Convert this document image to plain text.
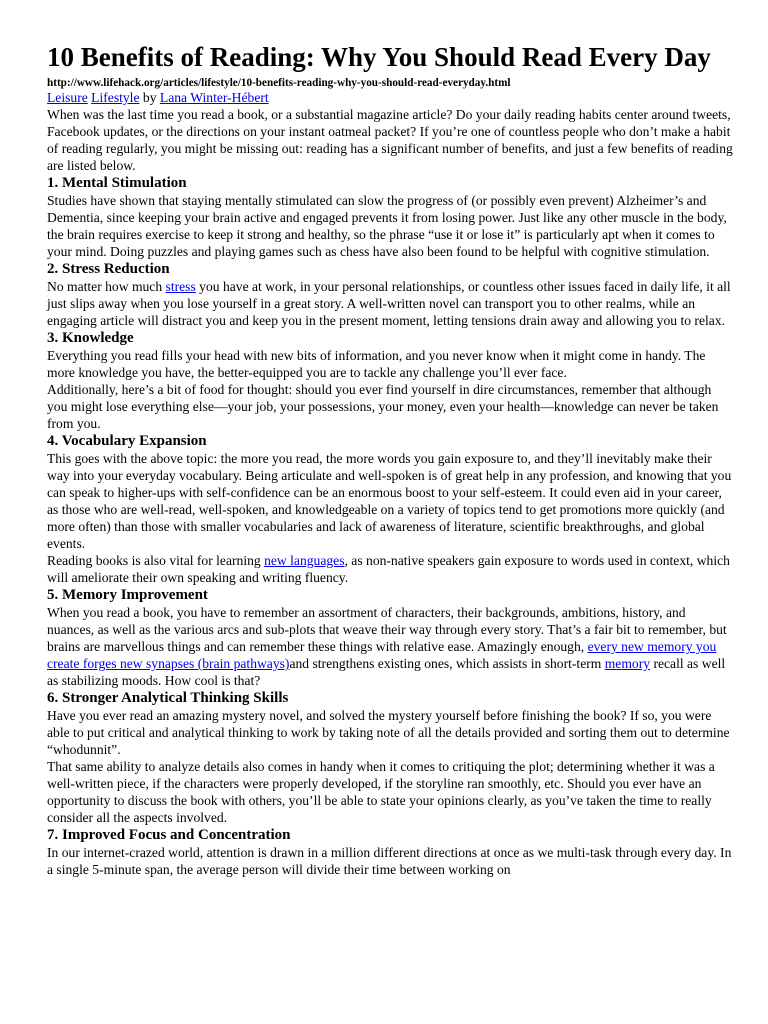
10 Benefits of Reading: Why You Should Read Every Day
http://www.lifehack.org/articles/lifestyle/10-benefits-reading-why-you-should-read-everyday.html
Leisure Lifestyle by Lana Winter-Hébert

When was the last time you read a book, or a substantial magazine article? Do your daily reading habits center around tweets, Facebook updates, or the directions on your instant oatmeal packet? If you’re one of countless people who don’t make a habit of reading regularly, you might be missing out: reading has a significant number of benefits, and just a few benefits of reading are listed below.

1. Mental Stimulation

Studies have shown that staying mentally stimulated can slow the progress of (or possibly even prevent) Alzheimer’s and Dementia, since keeping your brain active and engaged prevents it from losing power. Just like any other muscle in the body, the brain requires exercise to keep it strong and healthy, so the phrase “use it or lose it” is particularly apt when it comes to your mind. Doing puzzles and playing games such as chess have also been found to be helpful with cognitive stimulation.

2. Stress Reduction

No matter how much stress you have at work, in your personal relationships, or countless other issues faced in daily life, it all just slips away when you lose yourself in a great story. A well-written novel can transport you to other realms, while an engaging article will distract you and keep you in the present moment, letting tensions drain away and allowing you to relax.

3. Knowledge

Everything you read fills your head with new bits of information, and you never know when it might come in handy. The more knowledge you have, the better-equipped you are to tackle any challenge you’ll ever face.

Additionally, here’s a bit of food for thought: should you ever find yourself in dire circumstances, remember that although you might lose everything else—your job, your possessions, your money, even your health—knowledge can never be taken from you.

4. Vocabulary Expansion

This goes with the above topic: the more you read, the more words you gain exposure to, and they’ll inevitably make their way into your everyday vocabulary. Being articulate and well-spoken is of great help in any profession, and knowing that you can speak to higher-ups with self-confidence can be an enormous boost to your self-esteem. It could even aid in your career, as those who are well-read, well-spoken, and knowledgeable on a variety of topics tend to get promotions more quickly (and more often) than those with smaller vocabularies and lack of awareness of literature, scientific breakthroughs, and global events.

Reading books is also vital for learning new languages, as non-native speakers gain exposure to words used in context, which will ameliorate their own speaking and writing fluency.

5. Memory Improvement

When you read a book, you have to remember an assortment of characters, their backgrounds, ambitions, history, and nuances, as well as the various arcs and sub-plots that weave their way through every story. That’s a fair bit to remember, but brains are marvellous things and can remember these things with relative ease. Amazingly enough, every new memory you create forges new synapses (brain pathways)and strengthens existing ones, which assists in short-term memory recall as well as stabilizing moods. How cool is that?

6. Stronger Analytical Thinking Skills

Have you ever read an amazing mystery novel, and solved the mystery yourself before finishing the book? If so, you were able to put critical and analytical thinking to work by taking note of all the details provided and sorting them out to determine “whodunnit”.

That same ability to analyze details also comes in handy when it comes to critiquing the plot; determining whether it was a well-written piece, if the characters were properly developed, if the storyline ran smoothly, etc. Should you ever have an opportunity to discuss the book with others, you’ll be able to state your opinions clearly, as you’ve taken the time to really consider all the aspects involved.

7. Improved Focus and Concentration

In our internet-crazed world, attention is drawn in a million different directions at once as we multi-task through every day. In a single 5-minute span, the average person will divide their time between working on
